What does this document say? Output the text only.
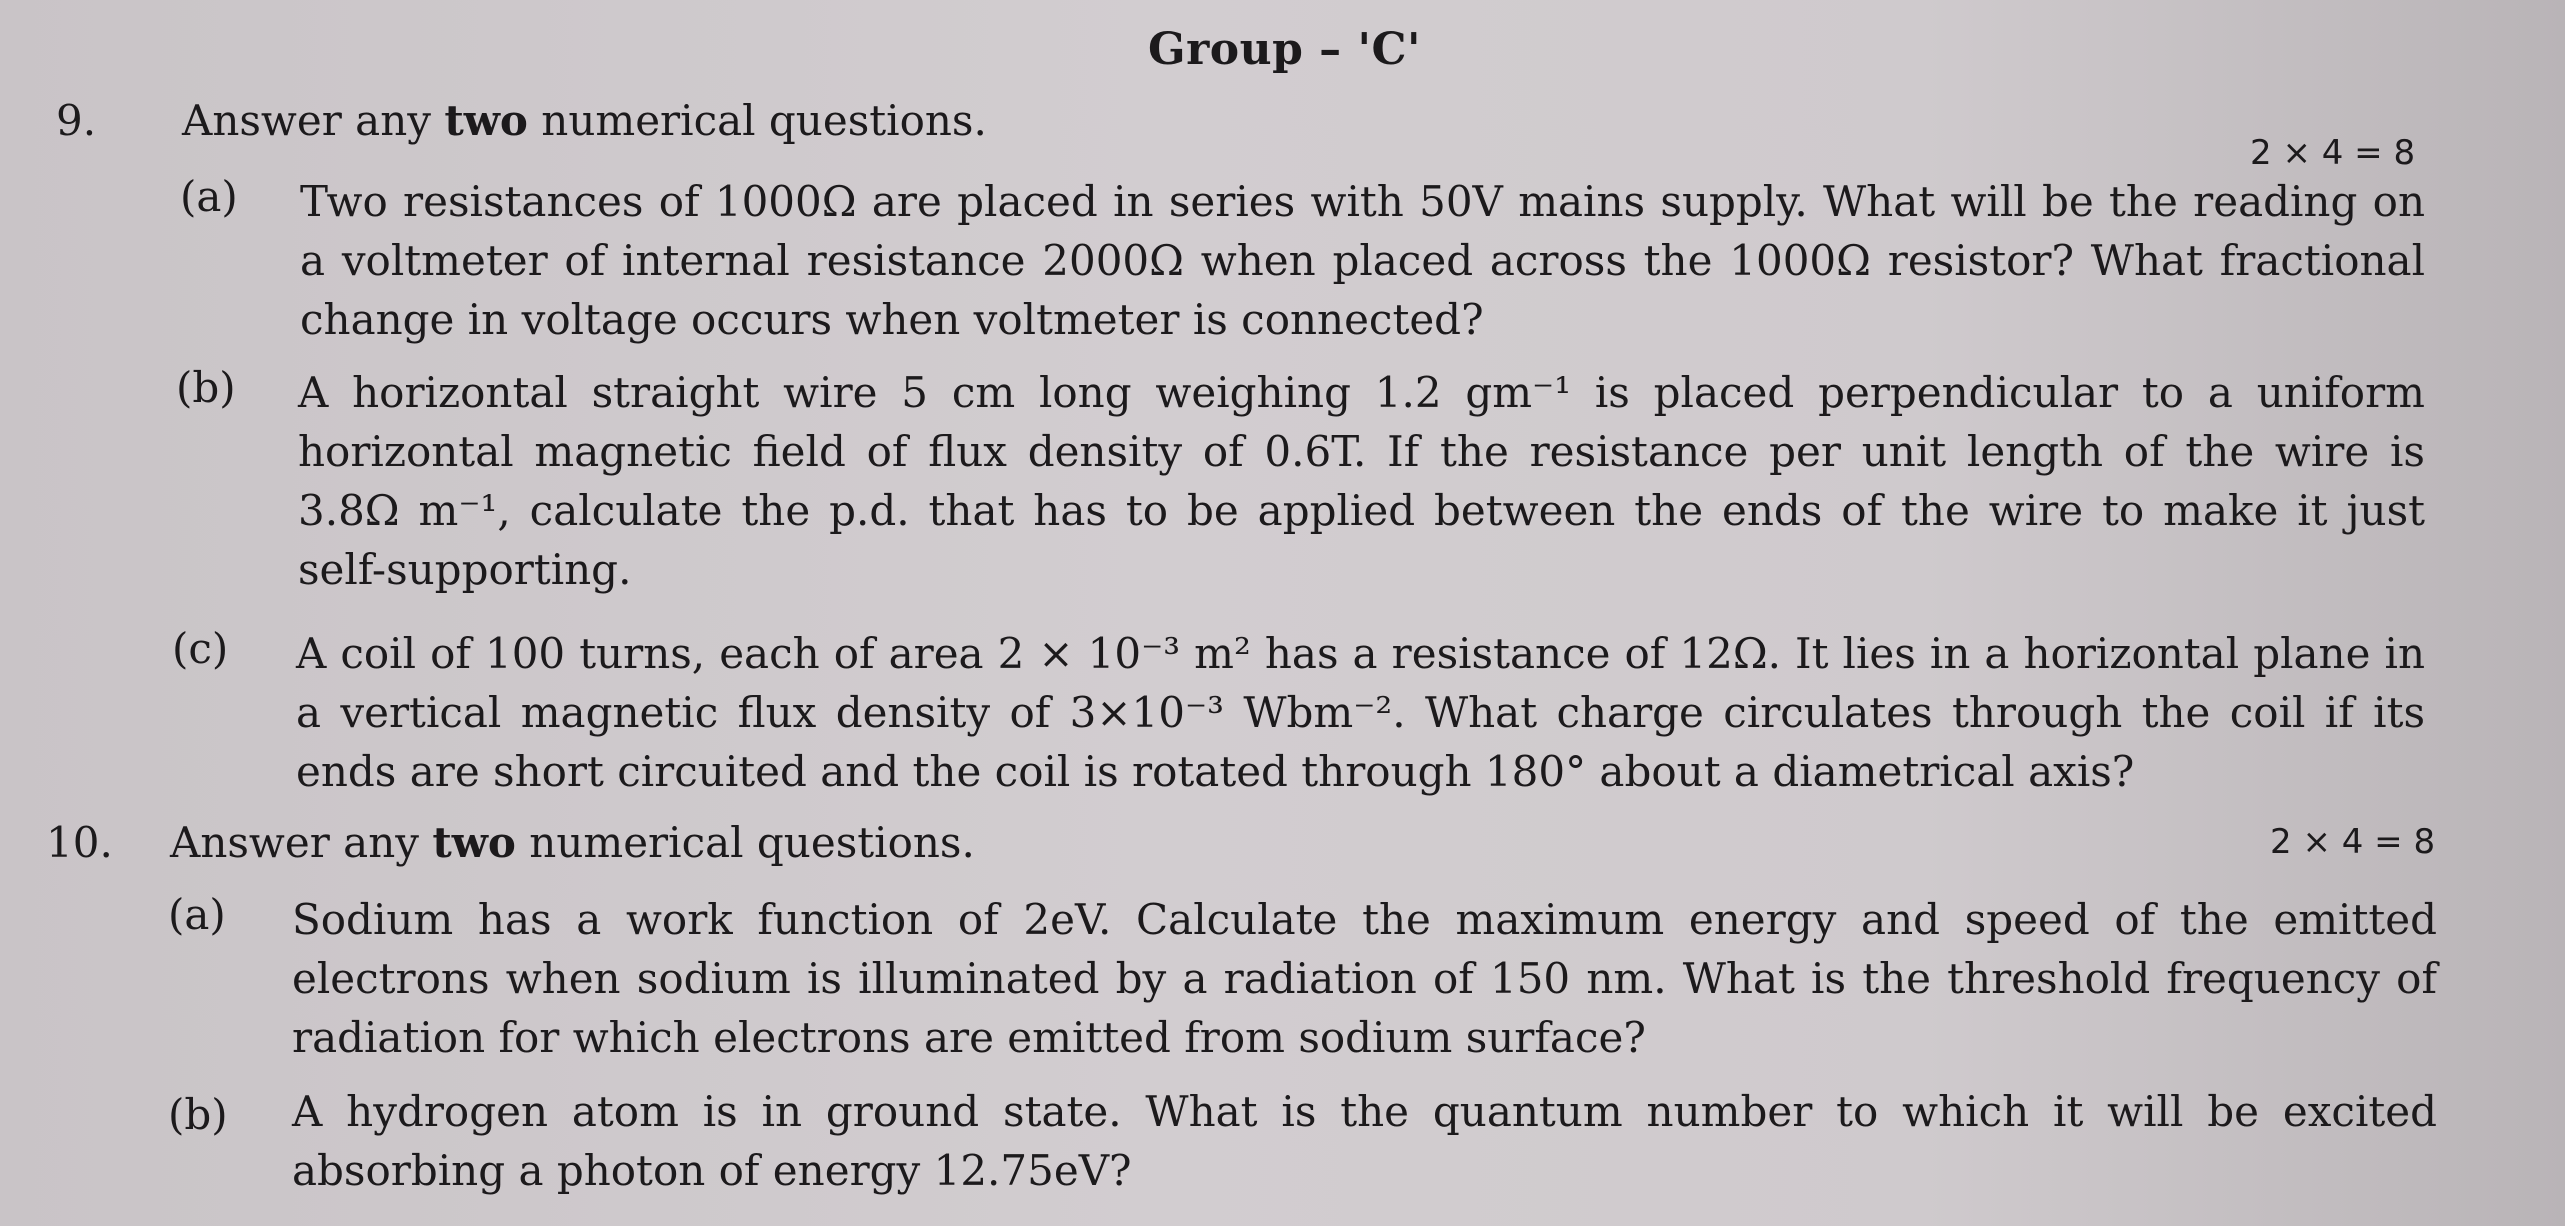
Group – 'C'
9. Answer any two numerical questions.
2 × 4 = 8
(a) Two resistances of 1000Ω are placed in series with 50V mains supply. What will be the reading on
a voltmeter of internal resistance 2000Ω when placed across the 1000Ω resistor? What fractional
change in voltage occurs when voltmeter is connected?
(b) A horizontal straight wire 5 cm long weighing 1.2 gm⁻¹ is placed perpendicular to a uniform
horizontal magnetic field of flux density of 0.6T. If the resistance per unit length of the wire is
3.8Ω m⁻¹, calculate the p.d. that has to be applied between the ends of the wire to make it just
self-supporting.
(c) A coil of 100 turns, each of area 2 × 10⁻³ m² has a resistance of 12Ω. It lies in a horizontal plane in
a vertical magnetic flux density of 3×10⁻³ Wbm⁻². What charge circulates through the coil if its
ends are short circuited and the coil is rotated through 180° about a diametrical axis?
10. Answer any two numerical questions.	2 × 4 = 8
(a) Sodium has a work function of 2eV. Calculate the maximum energy and speed of the emitted
electrons when sodium is illuminated by a radiation of 150 nm. What is the threshold frequency of
radiation for which electrons are emitted from sodium surface?
(b) A hydrogen atom is in ground state. What is the quantum number to which it will be excited
absorbing a photon of energy 12.75eV?
